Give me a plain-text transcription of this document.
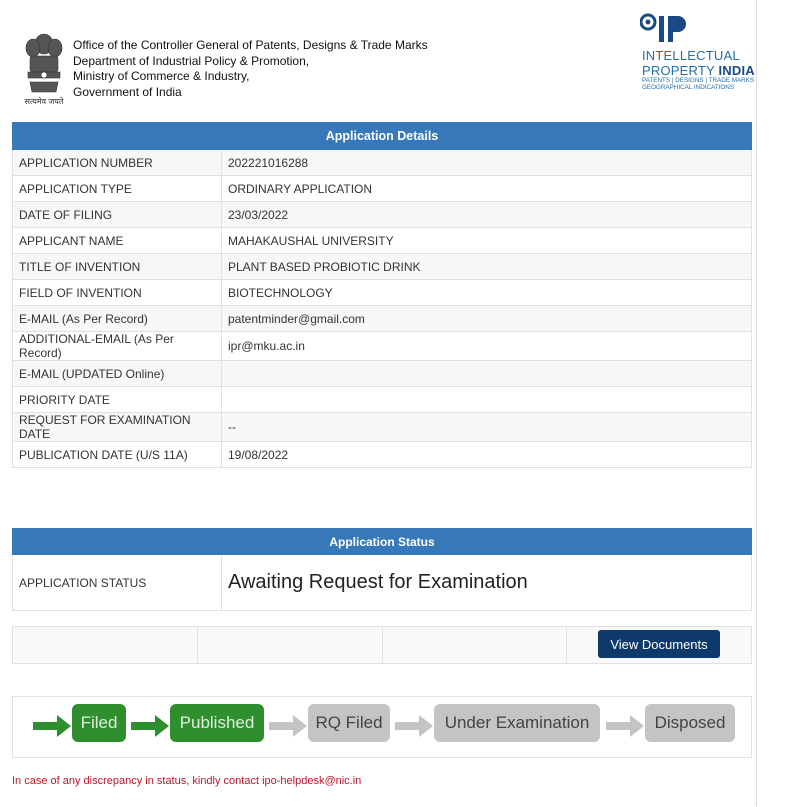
सत्यमेव जयते
Office of the Controller General of Patents, Designs & Trade Marks
Department of Industrial Policy & Promotion,
Ministry of Commerce & Industry,
Government of India
INTELLECTUAL
PROPERTY INDIA
PATENTS | DESIGNS | TRADE MARKS
GEOGRAPHICAL INDICATIONS
Application Details	
APPLICATION NUMBER	202221016288
APPLICATION TYPE	ORDINARY APPLICATION
DATE OF FILING	23/03/2022
APPLICANT NAME	MAHAKAUSHAL UNIVERSITY
TITLE OF INVENTION	PLANT BASED PROBIOTIC DRINK
FIELD OF INVENTION	BIOTECHNOLOGY
E-MAIL (As Per Record)	patentminder@gmail.com
ADDITIONAL-EMAIL (As Per Record)	ipr@mku.ac.in
E-MAIL (UPDATED Online)	
PRIORITY DATE	
REQUEST FOR EXAMINATION DATE	--
PUBLICATION DATE (U/S 11A)	19/08/2022
Application Status
APPLICATION STATUS	Awaiting Request for Examination

View Documents
Filed	Published	RQ Filed	Under Examination	Disposed
In case of any discrepancy in status, kindly contact ipo-helpdesk@nic.in
